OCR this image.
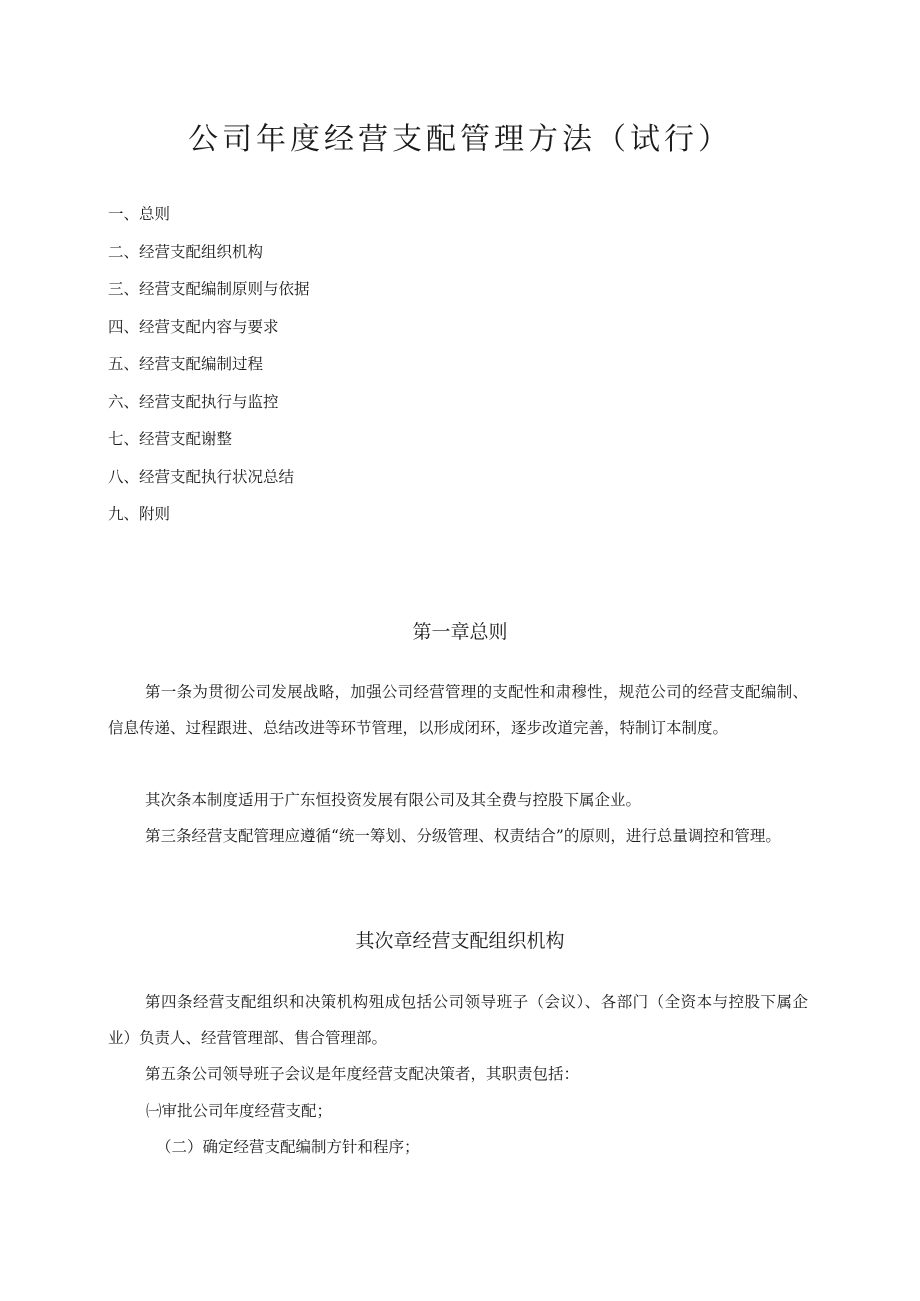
公司年度经营支配管理方法（试行）
一、总则
二、经营支配组织机构
三、经营支配编制原则与依据
四、经营支配内容与要求
五、经营支配编制过程
六、经营支配执行与监控
七、经营支配谢整
八、经营支配执行状况总结
九、附则
第一章总则

第一条为贯彻公司发展战略，加强公司经营管理的支配性和肃穆性，规范公司的经营支配编制、信息传递、过程跟进、总结改进等环节管理，以形成闭环，逐步改道完善，特制订本制度。

其次条本制度适用于广东恒投资发展有限公司及其全费与控股下属企业。

第三条经营支配管理应遵循“统一筹划、分级管理、权责结合”的原则，进行总量调控和管理。

其次章经营支配组织机构

第四条经营支配组织和决策机构殂成包括公司领导班子（会议）、各部门（全资本与控股下属企业）负责人、经营管理部、售合管理部。

第五条公司领导班子会议是年度经营支配决策者，其职责包括：

㈠审批公司年度经营支配；

（二）确定经营支配编制方针和程序；
